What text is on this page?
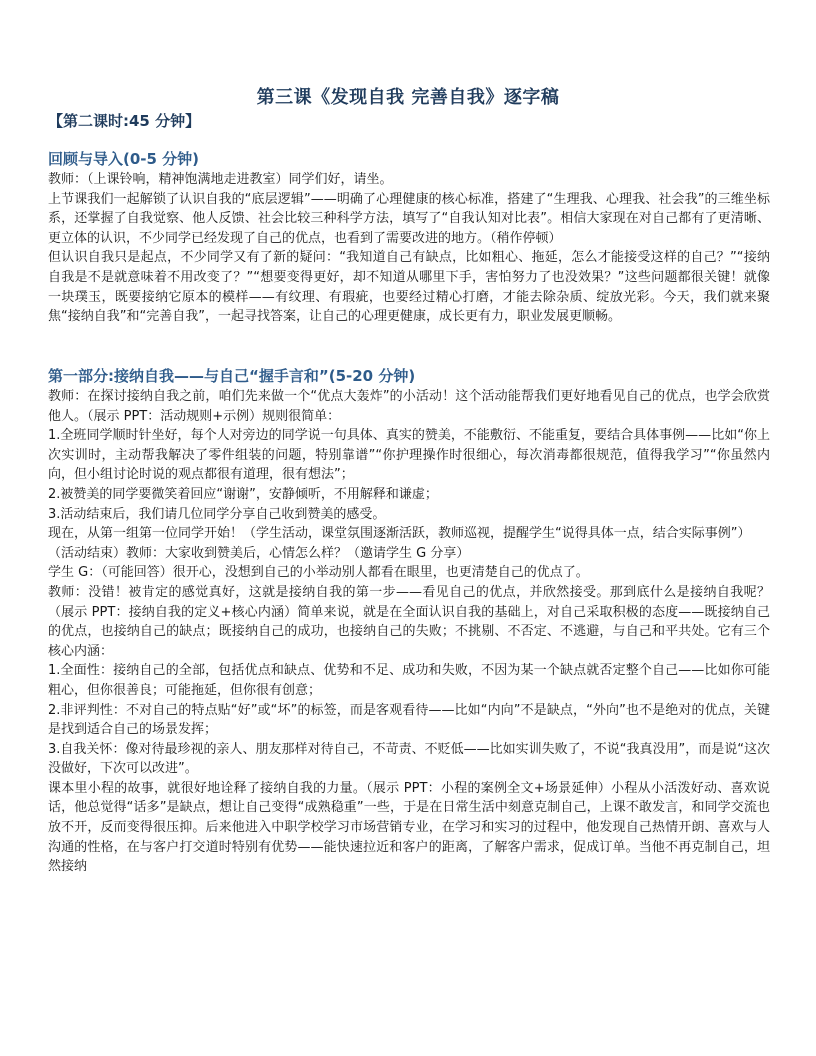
第三课《发现自我 完善自我》逐字稿
【第二课时:45 分钟】
回顾与导入(0-5 分钟)

教师：（上课铃响，精神饱满地走进教室）同学们好，请坐。

上节课我们一起解锁了认识自我的“底层逻辑”——明确了心理健康的核心标准，搭建了“生理我、心理我、社会我”的三维坐标系，还掌握了自我觉察、他人反馈、社会比较三种科学方法，填写了“自我认知对比表”。相信大家现在对自己都有了更清晰、更立体的认识，不少同学已经发现了自己的优点，也看到了需要改进的地方。（稍作停顿）

但认识自我只是起点，不少同学又有了新的疑问：“我知道自己有缺点，比如粗心、拖延，怎么才能接受这样的自己？”“接纳自我是不是就意味着不用改变了？”“想要变得更好，却不知道从哪里下手，害怕努力了也没效果？”这些问题都很关键！就像一块璞玉，既要接纳它原本的模样——有纹理、有瑕疵，也要经过精心打磨，才能去除杂质、绽放光彩。今天，我们就来聚焦“接纳自我”和“完善自我”，一起寻找答案，让自己的心理更健康，成长更有力，职业发展更顺畅。

第一部分:接纳自我——与自己“握手言和”(5-20 分钟)

教师：在探讨接纳自我之前，咱们先来做一个“优点大轰炸”的小活动！这个活动能帮我们更好地看见自己的优点，也学会欣赏他人。（展示 PPT：活动规则+示例）规则很简单：

1.全班同学顺时针坐好，每个人对旁边的同学说一句具体、真实的赞美，不能敷衍、不能重复，要结合具体事例——比如“你上次实训时，主动帮我解决了零件组装的问题，特别靠谱”“你护理操作时很细心，每次消毒都很规范，值得我学习”“你虽然内向，但小组讨论时说的观点都很有道理，很有想法”；

2.被赞美的同学要微笑着回应“谢谢”，安静倾听，不用解释和谦虚；

3.活动结束后，我们请几位同学分享自己收到赞美的感受。

现在，从第一组第一位同学开始！（学生活动，课堂氛围逐渐活跃，教师巡视，提醒学生“说得具体一点，结合实际事例”）

（活动结束）教师：大家收到赞美后，心情怎么样？（邀请学生 G 分享）

学生 G：（可能回答）很开心，没想到自己的小举动别人都看在眼里，也更清楚自己的优点了。

教师：没错！被肯定的感觉真好，这就是接纳自我的第一步——看见自己的优点，并欣然接受。那到底什么是接纳自我呢？（展示 PPT：接纳自我的定义+核心内涵）简单来说，就是在全面认识自我的基础上，对自己采取积极的态度——既接纳自己的优点，也接纳自己的缺点；既接纳自己的成功，也接纳自己的失败；不挑剔、不否定、不逃避，与自己和平共处。它有三个核心内涵：

1.全面性：接纳自己的全部，包括优点和缺点、优势和不足、成功和失败，不因为某一个缺点就否定整个自己——比如你可能粗心，但你很善良；可能拖延，但你很有创意；

2.非评判性：不对自己的特点贴“好”或“坏”的标签，而是客观看待——比如“内向”不是缺点，“外向”也不是绝对的优点，关键是找到适合自己的场景发挥；

3.自我关怀：像对待最珍视的亲人、朋友那样对待自己，不苛责、不贬低——比如实训失败了，不说“我真没用”，而是说“这次没做好，下次可以改进”。

课本里小程的故事，就很好地诠释了接纳自我的力量。（展示 PPT：小程的案例全文+场景延伸）小程从小活泼好动、喜欢说话，他总觉得“话多”是缺点，想让自己变得“成熟稳重”一些，于是在日常生活中刻意克制自己，上课不敢发言，和同学交流也放不开，反而变得很压抑。后来他进入中职学校学习市场营销专业，在学习和实习的过程中，他发现自己热情开朗、喜欢与人沟通的性格，在与客户打交道时特别有优势——能快速拉近和客户的距离，了解客户需求，促成订单。当他不再克制自己，坦然接纳
